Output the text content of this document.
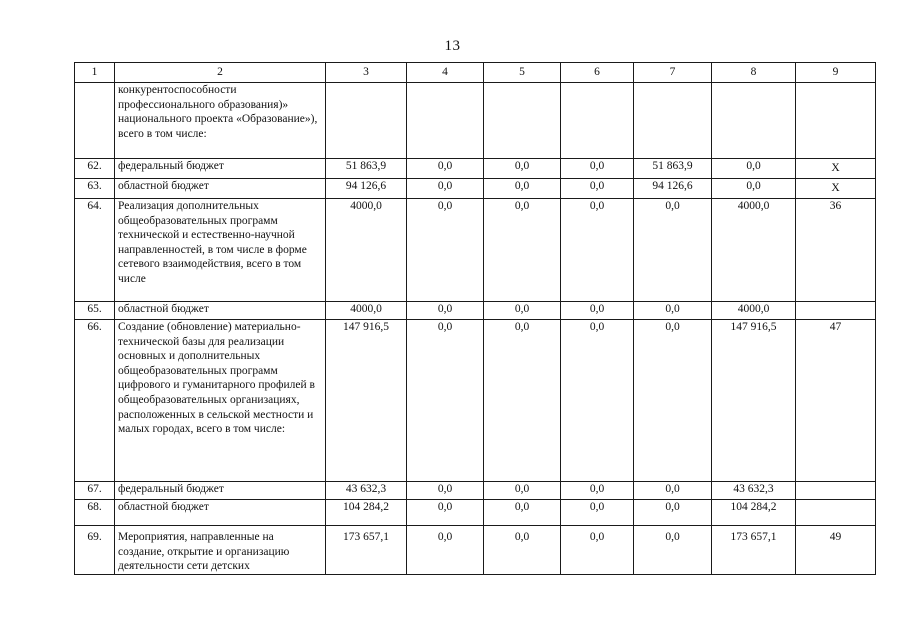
13
1	2	3	4	5	6	7	8	9
	конкурентоспособности профессионального образования)» национального проекта «Образование»), всего в том числе:							
62.	федеральный бюджет	51 863,9	0,0	0,0	0,0	51 863,9	0,0	Х
63.	областной бюджет	94 126,6	0,0	0,0	0,0	94 126,6	0,0	Х
64.	Реализация дополнительных общеобразовательных программ технической и естественно-научной направленностей, в том числе в форме сетевого взаимодействия, всего в том числе	4000,0	0,0	0,0	0,0	0,0	4000,0	36
65.	областной бюджет	4000,0	0,0	0,0	0,0	0,0	4000,0	
66.	Создание (обновление) материально-технической базы для реализации основных и дополнительных общеобразовательных программ цифрового и гуманитарного профилей в общеобразовательных организациях, расположенных в сельской местности и малых городах, всего в том числе:	147 916,5	0,0	0,0	0,0	0,0	147 916,5	47
67.	федеральный бюджет	43 632,3	0,0	0,0	0,0	0,0	43 632,3	
68.	областной бюджет	104 284,2	0,0	0,0	0,0	0,0	104 284,2	
69.	Мероприятия, направленные на создание, открытие и организацию деятельности сети детских	173 657,1	0,0	0,0	0,0	0,0	173 657,1	49
